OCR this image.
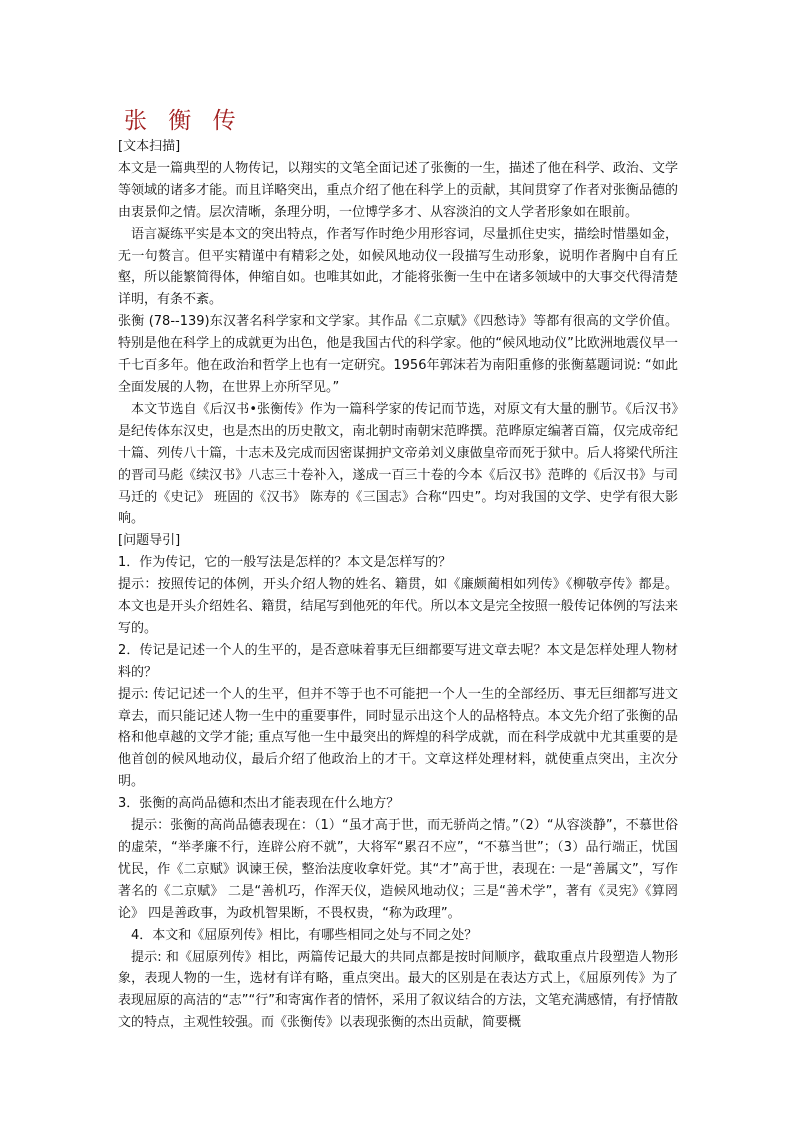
张 衡 传

[文本扫描]

本文是一篇典型的人物传记，以翔实的文笔全面记述了张衡的一生，描述了他在科学、政治、文学等领域的诸多才能。而且详略突出，重点介绍了他在科学上的贡献，其间贯穿了作者对张衡品德的由衷景仰之情。层次清晰，条理分明，一位博学多才、从容淡泊的文人学者形象如在眼前。

语言凝练平实是本文的突出特点，作者写作时绝少用形容词，尽量抓住史实，描绘时惜墨如金，无一句赘言。但平实精谨中有精彩之处，如候风地动仪一段描写生动形象，说明作者胸中自有丘壑，所以能繁简得体，伸缩自如。也唯其如此，才能将张衡一生中在诸多领域中的大事交代得清楚详明，有条不紊。

张衡 (78--139)东汉著名科学家和文学家。其作品《二京赋》《四愁诗》等都有很高的文学价值。特别是他在科学上的成就更为出色，他是我国古代的科学家。他的“候风地动仪”比欧洲地震仪早一千七百多年。他在政治和哲学上也有一定研究。1956年郭沫若为南阳重修的张衡墓题词说: “如此全面发展的人物，在世界上亦所罕见。”

本文节选自《后汉书•张衡传》作为一篇科学家的传记而节选，对原文有大量的删节。《后汉书》是纪传体东汉史，也是杰出的历史散文，南北朝时南朝宋范晔撰。范晔原定编著百篇，仅完成帝纪十篇、列传八十篇，十志未及完成而因密谋拥护文帝弟刘义康做皇帝而死于狱中。后人将梁代所注的晋司马彪《续汉书》八志三十卷补入，遂成一百三十卷的今本《后汉书》范晔的《后汉书》与司马迁的《史记》 班固的《汉书》 陈寿的《三国志》合称“四史”。均对我国的文学、史学有很大影响。

[问题导引]

1．作为传记，它的一般写法是怎样的？本文是怎样写的？

提示：按照传记的体例，开头介绍人物的姓名、籍贯，如《廉颇蔺相如列传》《柳敬亭传》都是。本文也是开头介绍姓名、籍贯，结尾写到他死的年代。所以本文是完全按照一般传记体例的写法来写的。

2．传记是记述一个人的生平的，是否意味着事无巨细都要写进文章去呢？本文是怎样处理人物材料的？

提示: 传记记述一个人的生平，但并不等于也不可能把一个人一生的全部经历、事无巨细都写进文章去，而只能记述人物一生中的重要事件，同时显示出这个人的品格特点。本文先介绍了张衡的品格和他卓越的文学才能; 重点写他一生中最突出的辉煌的科学成就，而在科学成就中尤其重要的是他首创的候风地动仪，最后介绍了他政治上的才干。文章这样处理材料，就使重点突出，主次分明。

3．张衡的高尚品德和杰出才能表现在什么地方？

提示：张衡的高尚品德表现在：（1）“虽才高于世，而无骄尚之情。”（2）“从容淡静”，不慕世俗的虚荣，“举孝廉不行，连辟公府不就”，大将军“累召不应”，“不慕当世”；（3）品行端正，忧国忧民，作《二京赋》讽谏王侯，整治法度收拿奸党。其“才”高于世，表现在: 一是“善属文”，写作著名的《二京赋》 二是“善机巧，作浑天仪，造候风地动仪；三是“善术学”，著有《灵宪》《算罔论》 四是善政事，为政机智果断，不畏权贵，“称为政理”。

4．本文和《屈原列传》相比，有哪些相同之处与不同之处？

提示: 和《屈原列传》相比，两篇传记最大的共同点都是按时间顺序，截取重点片段塑造人物形象，表现人物的一生，选材有详有略，重点突出。最大的区别是在表达方式上，《屈原列传》为了表现屈原的高洁的“志”“行”和寄寓作者的情怀，采用了叙议结合的方法，文笔充满感情，有抒情散文的特点，主观性较强。而《张衡传》以表现张衡的杰出贡献，简要概
